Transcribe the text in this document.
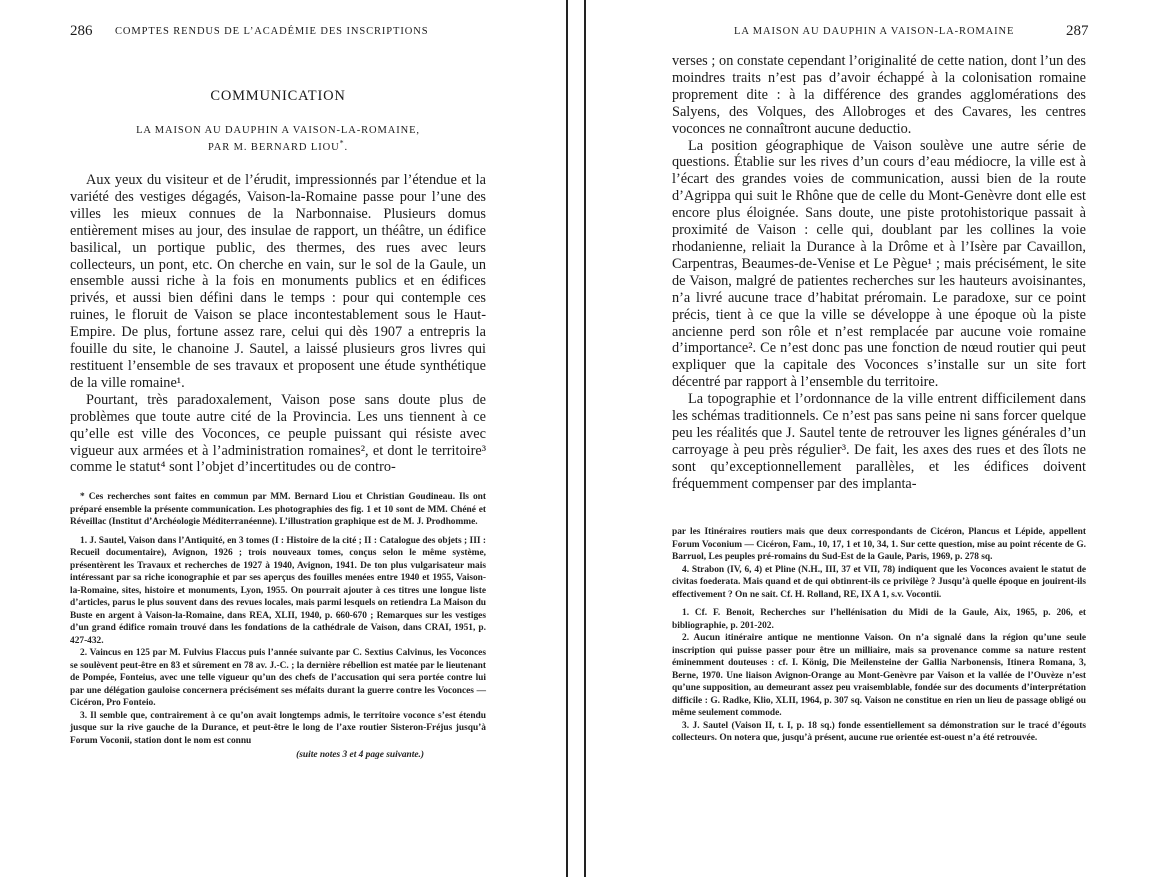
286 COMPTES RENDUS DE L’ACADÉMIE DES INSCRIPTIONS
COMMUNICATION
LA MAISON AU DAUPHIN A VAISON-LA-ROMAINE,
PAR M. BERNARD LIOU*.

Aux yeux du visiteur et de l’érudit, impressionnés par l’étendue et la variété des vestiges dégagés, Vaison-la-Romaine passe pour l’une des villes les mieux connues de la Narbonnaise. Plusieurs domus entièrement mises au jour, des insulae de rapport, un théâtre, un édifice basilical, un portique public, des thermes, des rues avec leurs collecteurs, un pont, etc. On cherche en vain, sur le sol de la Gaule, un ensemble aussi riche à la fois en monuments publics et en édifices privés, et aussi bien défini dans le temps : pour qui contemple ces ruines, le floruit de Vaison se place incontestablement sous le Haut-Empire. De plus, fortune assez rare, celui qui dès 1907 a entrepris la fouille du site, le chanoine J. Sautel, a laissé plusieurs gros livres qui restituent l’ensemble de ses travaux et proposent une étude synthétique de la ville romaine¹.

Pourtant, très paradoxalement, Vaison pose sans doute plus de problèmes que toute autre cité de la Provincia. Les uns tiennent à ce qu’elle est ville des Voconces, ce peuple puissant qui résiste avec vigueur aux armées et à l’administration romaines², et dont le territoire³ comme le statut⁴ sont l’objet d’incertitudes ou de contro-

* Ces recherches sont faites en commun par MM. Bernard Liou et Christian Goudineau. Ils ont préparé ensemble la présente communication. Les photographies des fig. 1 et 10 sont de MM. Chéné et Réveillac (Institut d’Archéologie Méditerranéenne). L’illustration graphique est de M. J. Prodhomme.

1. J. Sautel, Vaison dans l’Antiquité, en 3 tomes (I : Histoire de la cité ; II : Catalogue des objets ; III : Recueil documentaire), Avignon, 1926 ; trois nouveaux tomes, conçus selon le même système, présentèrent les Travaux et recherches de 1927 à 1940, Avignon, 1941. De ton plus vulgarisateur mais intéressant par sa riche iconographie et par ses aperçus des fouilles menées entre 1940 et 1955, Vaison-la-Romaine, sites, histoire et monuments, Lyon, 1955. On pourrait ajouter à ces titres une longue liste d’articles, parus le plus souvent dans des revues locales, mais parmi lesquels on retiendra La Maison du Buste en argent à Vaison-la-Romaine, dans REA, XLII, 1940, p. 660-670 ; Remarques sur les vestiges d’un grand édifice romain trouvé dans les fondations de la cathédrale de Vaison, dans CRAI, 1951, p. 427-432.

2. Vaincus en 125 par M. Fulvius Flaccus puis l’année suivante par C. Sextius Calvinus, les Voconces se soulèvent peut-être en 83 et sûrement en 78 av. J.-C. ; la dernière rébellion est matée par le lieutenant de Pompée, Fonteius, avec une telle vigueur qu’un des chefs de l’accusation qui sera portée contre lui par une délégation gauloise concernera précisément ses méfaits durant la guerre contre les Voconces — Cicéron, Pro Fonteio.

3. Il semble que, contrairement à ce qu’on avait longtemps admis, le territoire voconce s’est étendu jusque sur la rive gauche de la Durance, et peut-être le long de l’axe routier Sisteron-Fréjus jusqu’à Forum Voconii, station dont le nom est connu

(suite notes 3 et 4 page suivante.)
LA MAISON AU DAUPHIN A VAISON-LA-ROMAINE	287

verses ; on constate cependant l’originalité de cette nation, dont l’un des moindres traits n’est pas d’avoir échappé à la colonisation romaine proprement dite : à la différence des grandes agglomérations des Salyens, des Volques, des Allobroges et des Cavares, les centres voconces ne connaîtront aucune deductio.

La position géographique de Vaison soulève une autre série de questions. Établie sur les rives d’un cours d’eau médiocre, la ville est à l’écart des grandes voies de communication, aussi bien de la route d’Agrippa qui suit le Rhône que de celle du Mont-Genèvre dont elle est encore plus éloignée. Sans doute, une piste protohistorique passait à proximité de Vaison : celle qui, doublant par les collines la voie rhodanienne, reliait la Durance à la Drôme et à l’Isère par Cavaillon, Carpentras, Beaumes-de-Venise et Le Pègue¹ ; mais précisément, le site de Vaison, malgré de patientes recherches sur les hauteurs avoisinantes, n’a livré aucune trace d’habitat préromain. Le paradoxe, sur ce point précis, tient à ce que la ville se développe à une époque où la piste ancienne perd son rôle et n’est remplacée par aucune voie romaine d’importance². Ce n’est donc pas une fonction de nœud routier qui peut expliquer que la capitale des Voconces s’installe sur un site fort décentré par rapport à l’ensemble du territoire.

La topographie et l’ordonnance de la ville entrent difficilement dans les schémas traditionnels. Ce n’est pas sans peine ni sans forcer quelque peu les réalités que J. Sautel tente de retrouver les lignes générales d’un carroyage à peu près régulier³. De fait, les axes des rues et des îlots ne sont qu’exceptionnellement parallèles, et les édifices doivent fréquemment compenser par des implanta-

par les Itinéraires routiers mais que deux correspondants de Cicéron, Plancus et Lépide, appellent Forum Voconium — Cicéron, Fam., 10, 17, 1 et 10, 34, 1. Sur cette question, mise au point récente de G. Barruol, Les peuples pré-romains du Sud-Est de la Gaule, Paris, 1969, p. 278 sq.

4. Strabon (IV, 6, 4) et Pline (N.H., III, 37 et VII, 78) indiquent que les Voconces avaient le statut de civitas foederata. Mais quand et de qui obtinrent-ils ce privilège ? Jusqu’à quelle époque en jouirent-ils effectivement ? On ne sait. Cf. H. Rolland, RE, IX A 1, s.v. Vocontii.

1. Cf. F. Benoit, Recherches sur l’hellénisation du Midi de la Gaule, Aix, 1965, p. 206, et bibliographie, p. 201-202.

2. Aucun itinéraire antique ne mentionne Vaison. On n’a signalé dans la région qu’une seule inscription qui puisse passer pour être un milliaire, mais sa provenance comme sa nature restent éminemment douteuses : cf. I. König, Die Meilensteine der Gallia Narbonensis, Itinera Romana, 3, Berne, 1970. Une liaison Avignon-Orange au Mont-Genèvre par Vaison et la vallée de l’Ouvèze n’est qu’une supposition, au demeurant assez peu vraisemblable, fondée sur des documents d’interprétation difficile : G. Radke, Klio, XLII, 1964, p. 307 sq. Vaison ne constitue en rien un lieu de passage obligé ou même seulement commode.

3. J. Sautel (Vaison II, t. I, p. 18 sq.) fonde essentiellement sa démonstration sur le tracé d’égouts collecteurs. On notera que, jusqu’à présent, aucune rue orientée est-ouest n’a été retrouvée.
